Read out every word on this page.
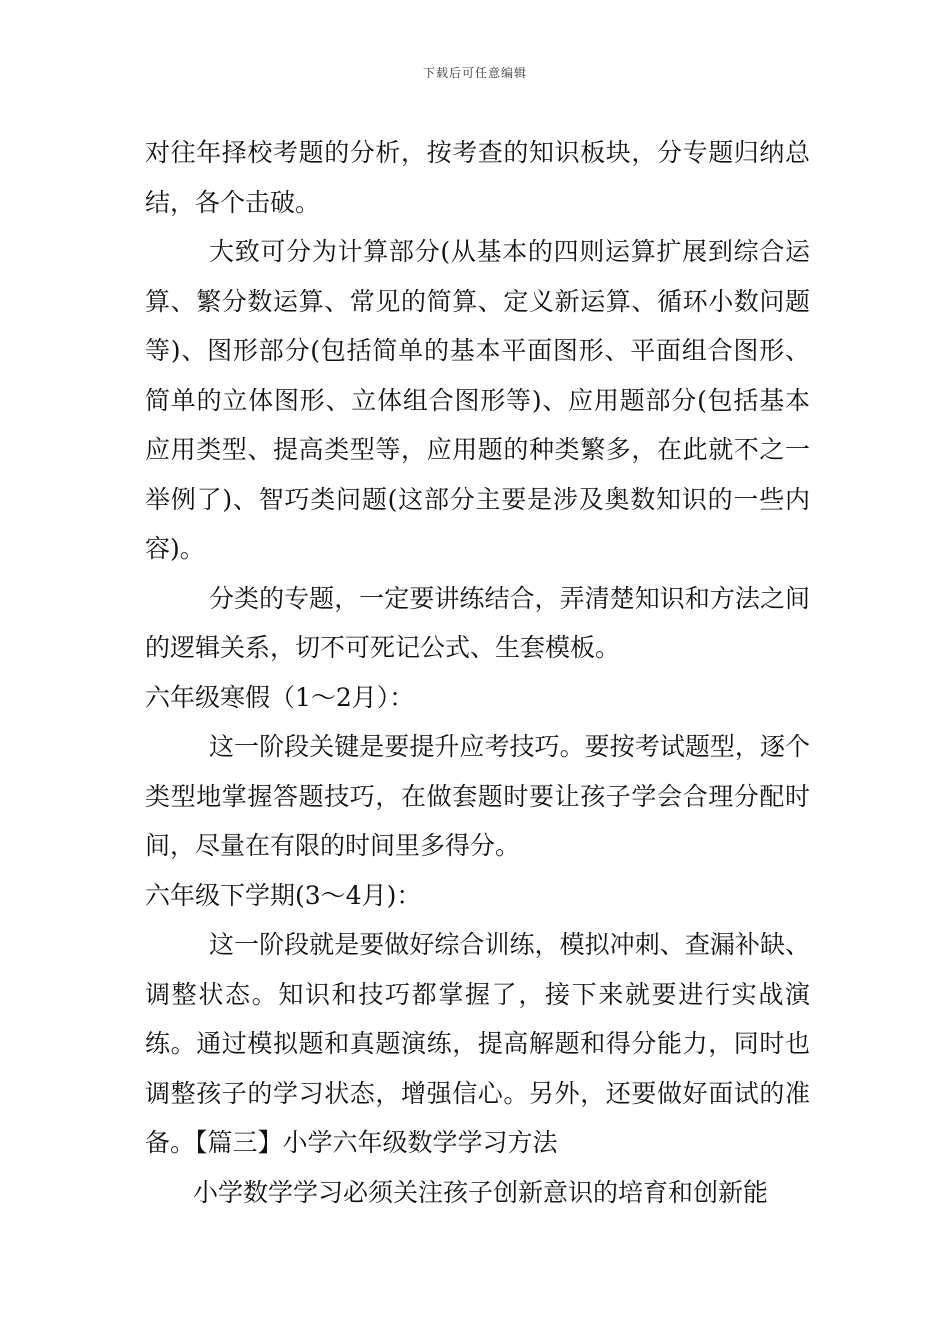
下载后可任意编辑

对往年择校考题的分析，按考查的知识板块，分专题归纳总结，各个击破。

大致可分为计算部分(从基本的四则运算扩展到综合运算、繁分数运算、常见的简算、定义新运算、循环小数问题等)、图形部分(包括简单的基本平面图形、平面组合图形、简单的立体图形、立体组合图形等)、应用题部分(包括基本应用类型、提高类型等，应用题的种类繁多，在此就不之一举例了)、智巧类问题(这部分主要是涉及奥数知识的一些内容)。

分类的专题，一定要讲练结合，弄清楚知识和方法之间的逻辑关系，切不可死记公式、生套模板。

六年级寒假（1～2月）：

这一阶段关键是要提升应考技巧。要按考试题型，逐个类型地掌握答题技巧，在做套题时要让孩子学会合理分配时间，尽量在有限的时间里多得分。

六年级下学期(3～4月)：

这一阶段就是要做好综合训练，模拟冲刺、查漏补缺、调整状态。知识和技巧都掌握了，接下来就要进行实战演练。通过模拟题和真题演练，提高解题和得分能力，同时也调整孩子的学习状态，增强信心。另外，还要做好面试的准备。【篇三】小学六年级数学学习方法

小学数学学习必须关注孩子创新意识的培育和创新能
